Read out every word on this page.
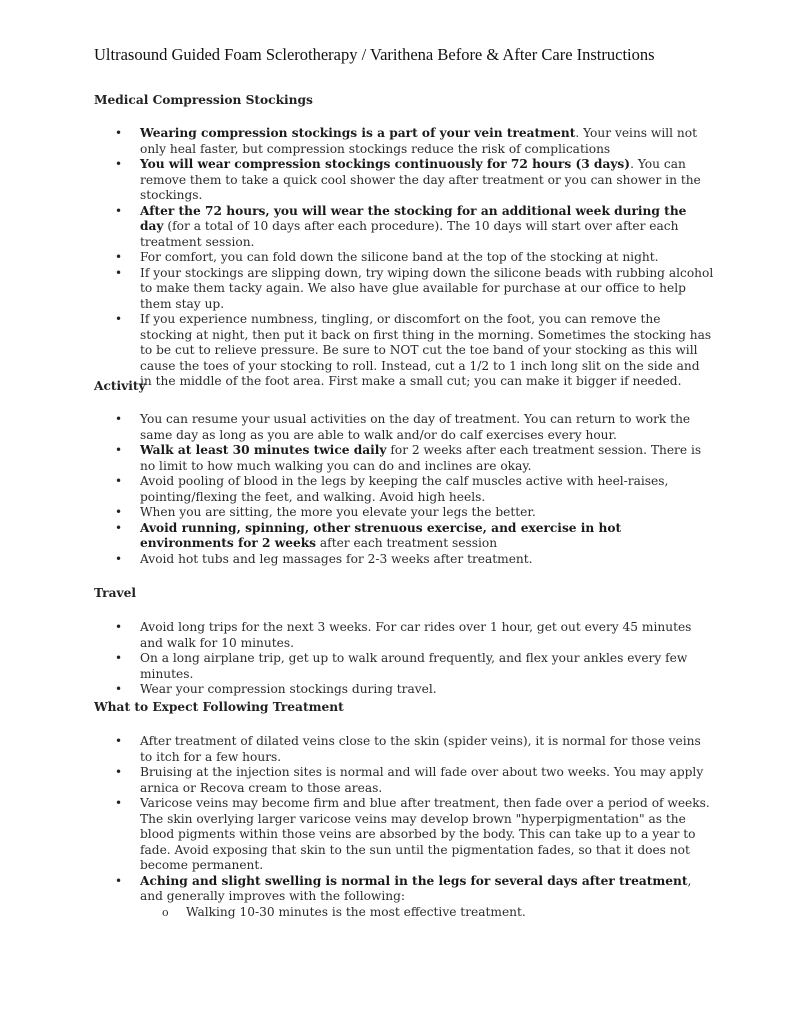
Ultrasound Guided Foam Sclerotherapy / Varithena Before & After Care Instructions
Medical Compression Stockings
• Wearing compression stockings is a part of your vein treatment. Your veins will not only heal faster, but compression stockings reduce the risk of complications
• You will wear compression stockings continuously for 72 hours (3 days). You can remove them to take a quick cool shower the day after treatment or you can shower in the stockings.
• After the 72 hours, you will wear the stocking for an additional week during the day (for a total of 10 days after each procedure). The 10 days will start over after each treatment session.
• For comfort, you can fold down the silicone band at the top of the stocking at night.
• If your stockings are slipping down, try wiping down the silicone beads with rubbing alcohol to make them tacky again. We also have glue available for purchase at our office to help them stay up.
• If you experience numbness, tingling, or discomfort on the foot, you can remove the stocking at night, then put it back on first thing in the morning. Sometimes the stocking has to be cut to relieve pressure. Be sure to NOT cut the toe band of your stocking as this will cause the toes of your stocking to roll. Instead, cut a 1/2 to 1 inch long slit on the side and in the middle of the foot area. First make a small cut; you can make it bigger if needed.
Activity
• You can resume your usual activities on the day of treatment. You can return to work the same day as long as you are able to walk and/or do calf exercises every hour.
• Walk at least 30 minutes twice daily for 2 weeks after each treatment session. There is no limit to how much walking you can do and inclines are okay.
• Avoid pooling of blood in the legs by keeping the calf muscles active with heel-raises, pointing/flexing the feet, and walking. Avoid high heels.
• When you are sitting, the more you elevate your legs the better.
• Avoid running, spinning, other strenuous exercise, and exercise in hot environments for 2 weeks after each treatment session
• Avoid hot tubs and leg massages for 2-3 weeks after treatment.
Travel
• Avoid long trips for the next 3 weeks. For car rides over 1 hour, get out every 45 minutes and walk for 10 minutes.
• On a long airplane trip, get up to walk around frequently, and flex your ankles every few minutes.
• Wear your compression stockings during travel.
What to Expect Following Treatment
• After treatment of dilated veins close to the skin (spider veins), it is normal for those veins to itch for a few hours.
• Bruising at the injection sites is normal and will fade over about two weeks. You may apply arnica or Recova cream to those areas.
• Varicose veins may become firm and blue after treatment, then fade over a period of weeks. The skin overlying larger varicose veins may develop brown "hyperpigmentation" as the blood pigments within those veins are absorbed by the body. This can take up to a year to fade. Avoid exposing that skin to the sun until the pigmentation fades, so that it does not become permanent.
• Aching and slight swelling is normal in the legs for several days after treatment, and generally improves with the following:
o Walking 10-30 minutes is the most effective treatment.
